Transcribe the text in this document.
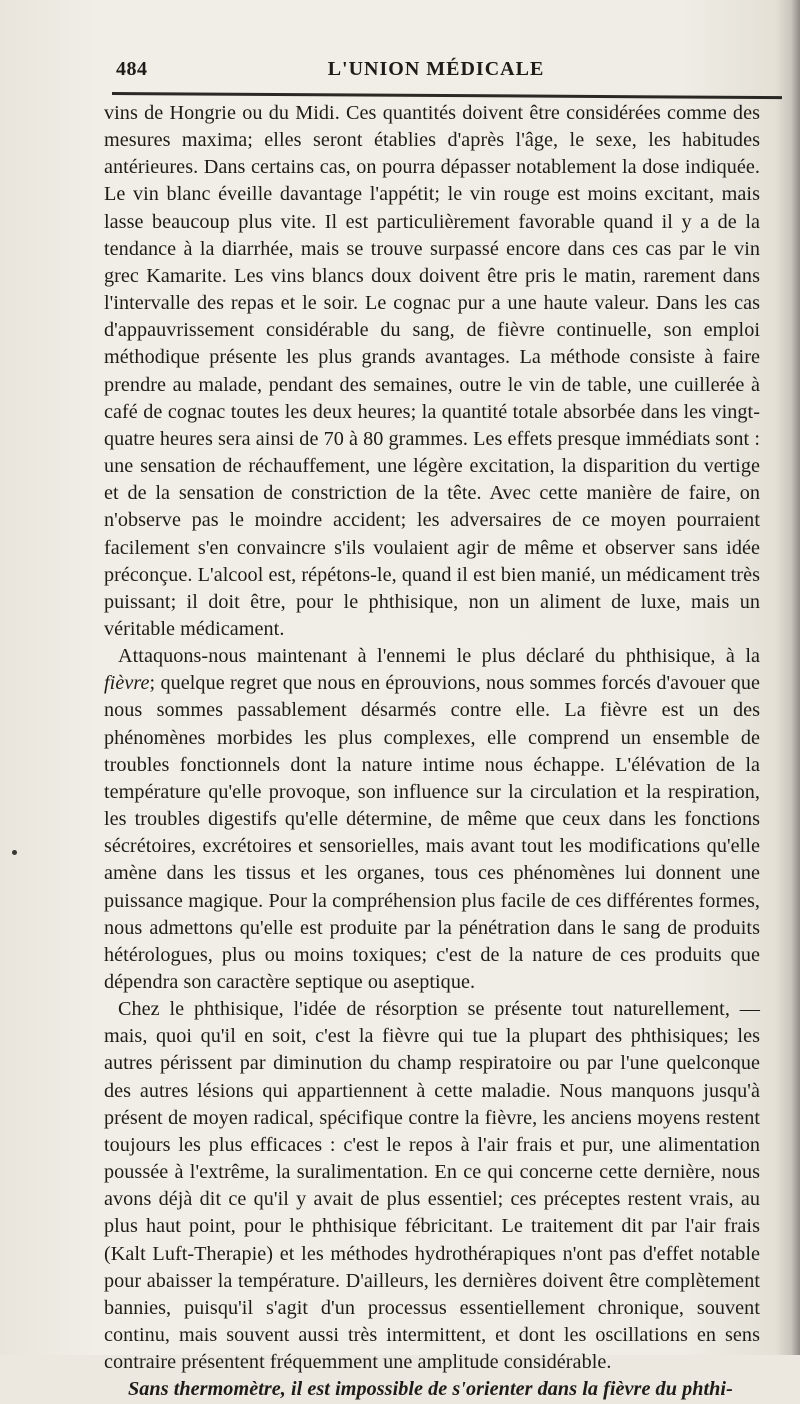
484	L'UNION MÉDICALE

vins de Hongrie ou du Midi. Ces quantités doivent être considérées comme des mesures maxima; elles seront établies d'après l'âge, le sexe, les habitudes antérieures. Dans certains cas, on pourra dépasser notablement la dose indiquée. Le vin blanc éveille davantage l'appétit; le vin rouge est moins excitant, mais lasse beaucoup plus vite. Il est particulièrement favorable quand il y a de la tendance à la diarrhée, mais se trouve surpassé encore dans ces cas par le vin grec Kamarite. Les vins blancs doux doivent être pris le matin, rarement dans l'intervalle des repas et le soir. Le cognac pur a une haute valeur. Dans les cas d'appauvrissement considérable du sang, de fièvre continuelle, son emploi méthodique présente les plus grands avantages. La méthode consiste à faire prendre au malade, pendant des semaines, outre le vin de table, une cuillerée à café de cognac toutes les deux heures; la quantité totale absorbée dans les vingt-quatre heures sera ainsi de 70 à 80 grammes. Les effets presque immédiats sont : une sensation de réchauffement, une légère excitation, la disparition du vertige et de la sensation de constriction de la tête. Avec cette manière de faire, on n'observe pas le moindre accident; les adversaires de ce moyen pourraient facilement s'en convaincre s'ils voulaient agir de même et observer sans idée préconçue. L'alcool est, répétons-le, quand il est bien manié, un médicament très puissant; il doit être, pour le phthisique, non un aliment de luxe, mais un véritable médicament.

Attaquons-nous maintenant à l'ennemi le plus déclaré du phthisique, à la fièvre; quelque regret que nous en éprouvions, nous sommes forcés d'avouer que nous sommes passablement désarmés contre elle. La fièvre est un des phénomènes morbides les plus complexes, elle comprend un ensemble de troubles fonctionnels dont la nature intime nous échappe. L'élévation de la température qu'elle provoque, son influence sur la circulation et la respiration, les troubles digestifs qu'elle détermine, de même que ceux dans les fonctions sécrétoires, excrétoires et sensorielles, mais avant tout les modifications qu'elle amène dans les tissus et les organes, tous ces phénomènes lui donnent une puissance magique. Pour la compréhension plus facile de ces différentes formes, nous admettons qu'elle est produite par la pénétration dans le sang de produits hétérologues, plus ou moins toxiques; c'est de la nature de ces produits que dépendra son caractère septique ou aseptique.

Chez le phthisique, l'idée de résorption se présente tout naturellement, — mais, quoi qu'il en soit, c'est la fièvre qui tue la plupart des phthisiques; les autres périssent par diminution du champ respiratoire ou par l'une quelconque des autres lésions qui appartiennent à cette maladie. Nous manquons jusqu'à présent de moyen radical, spécifique contre la fièvre, les anciens moyens restent toujours les plus efficaces : c'est le repos à l'air frais et pur, une alimentation poussée à l'extrême, la suralimentation. En ce qui concerne cette dernière, nous avons déjà dit ce qu'il y avait de plus essentiel; ces préceptes restent vrais, au plus haut point, pour le phthisique fébricitant. Le traitement dit par l'air frais (Kalt Luft-Therapie) et les méthodes hydrothérapiques n'ont pas d'effet notable pour abaisser la température. D'ailleurs, les dernières doivent être complètement bannies, puisqu'il s'agit d'un processus essentiellement chronique, souvent continu, mais souvent aussi très intermittent, et dont les oscillations en sens contraire présentent fréquemment une amplitude considérable.

Sans thermomètre, il est impossible de s'orienter dans la fièvre du phthi-
